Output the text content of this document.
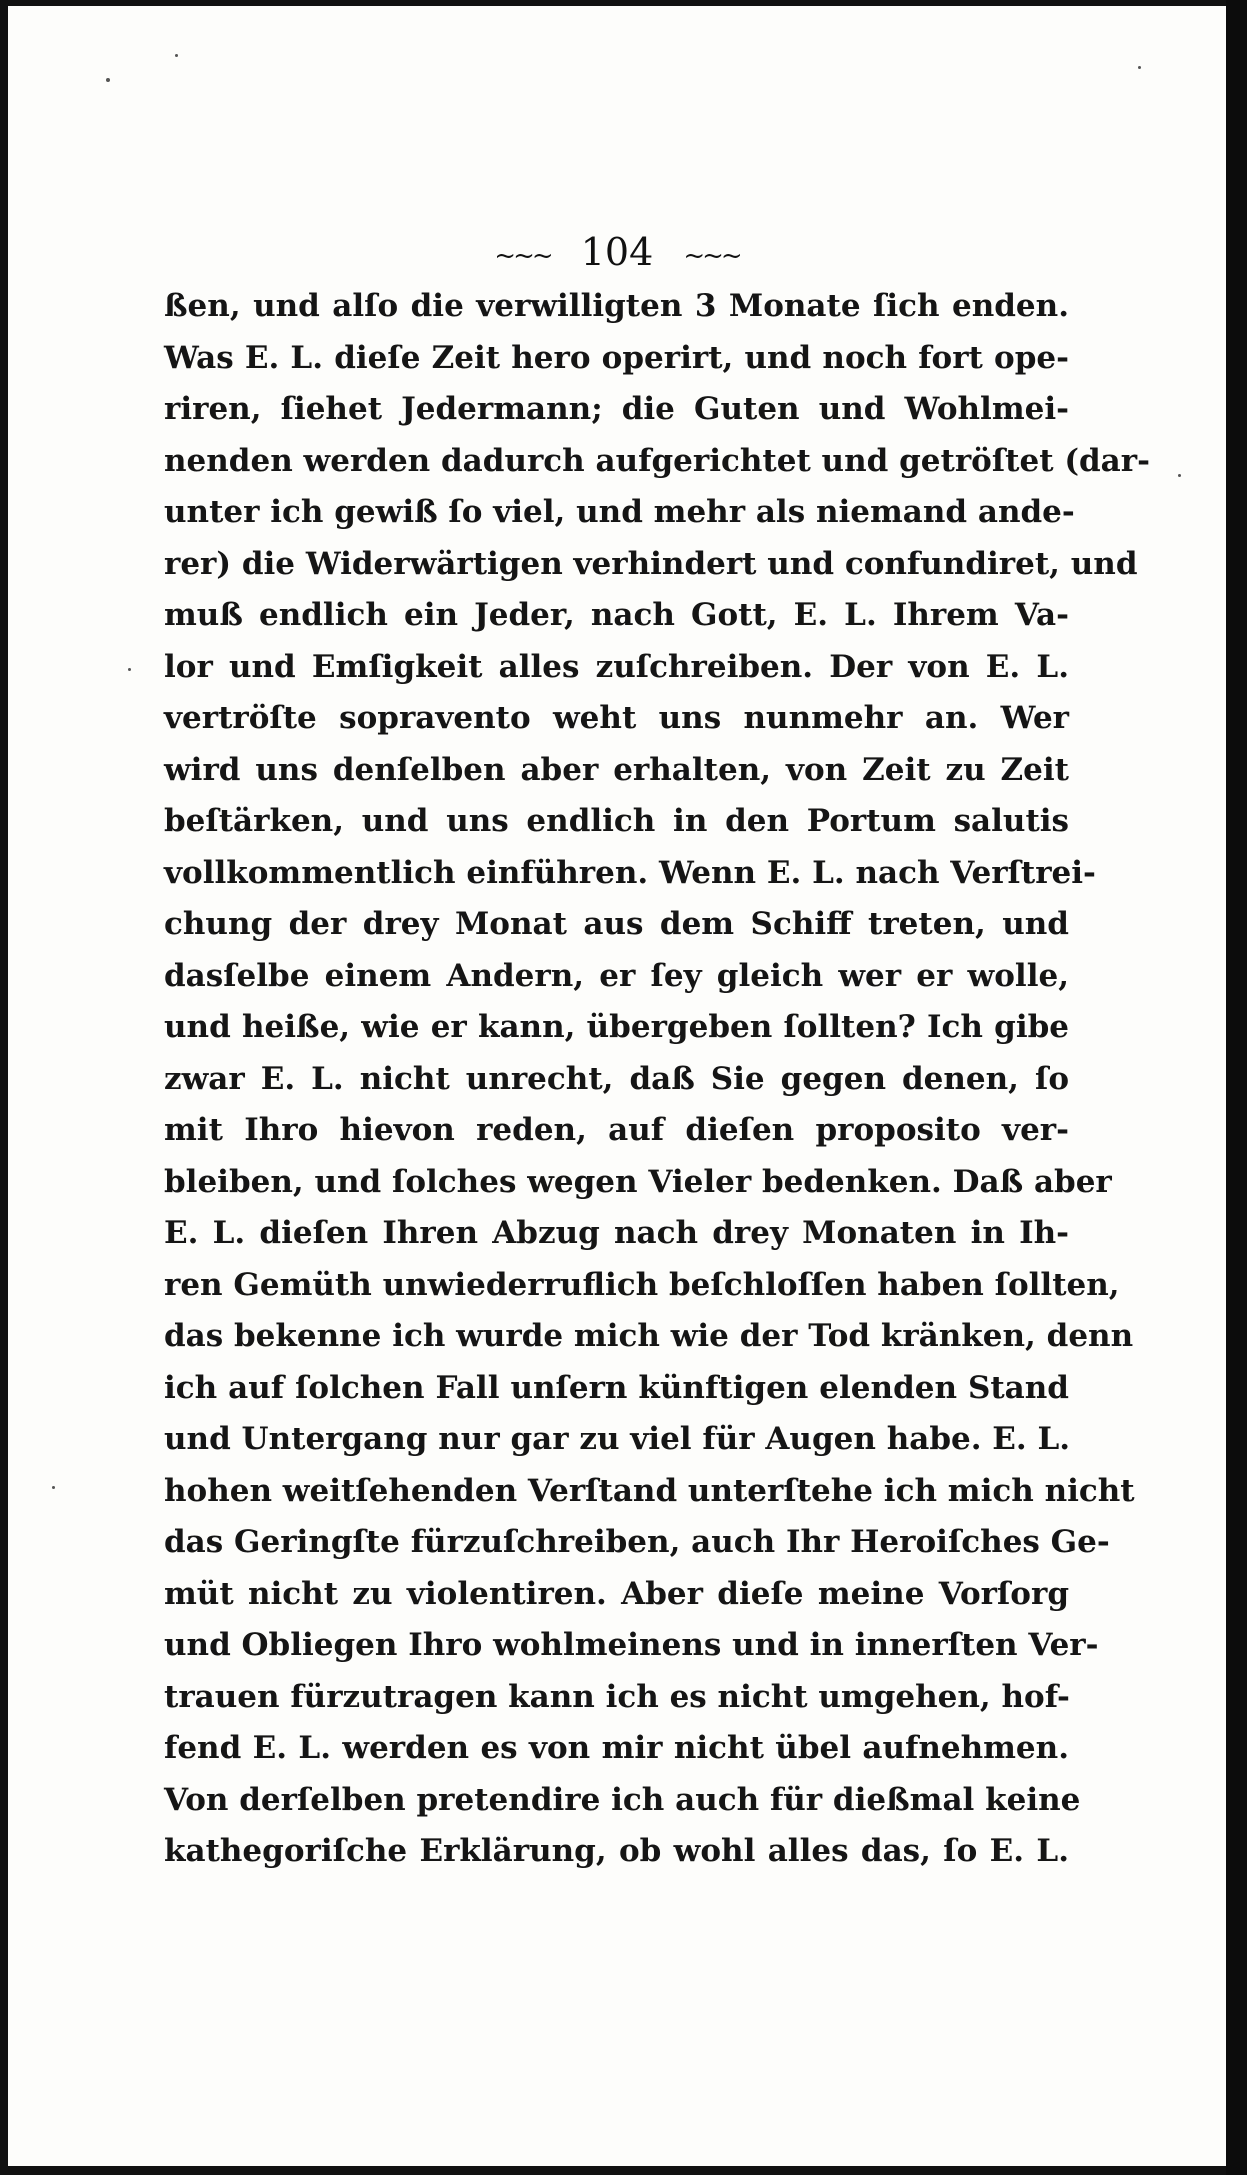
~~~ 104 ~~~
ßen, und alſo die verwilligten 3 Monate ſich enden.
Was E. L. dieſe Zeit hero operirt, und noch fort ope-
riren, ſiehet Jedermann; die Guten und Wohlmei-
nenden werden dadurch aufgerichtet und getröſtet (dar-
unter ich gewiß ſo viel, und mehr als niemand ande-
rer) die Widerwärtigen verhindert und confundiret, und
muß endlich ein Jeder, nach Gott, E. L. Ihrem Va-
lor und Emſigkeit alles zuſchreiben. Der von E. L.
vertröſte sopravento weht uns nunmehr an. Wer
wird uns denſelben aber erhalten, von Zeit zu Zeit
beſtärken, und uns endlich in den Portum salutis
vollkommentlich einführen. Wenn E. L. nach Verſtrei-
chung der drey Monat aus dem Schiff treten, und
dasſelbe einem Andern, er ſey gleich wer er wolle,
und heiße, wie er kann, übergeben ſollten? Ich gibe
zwar E. L. nicht unrecht, daß Sie gegen denen, ſo
mit Ihro hievon reden, auf dieſen proposito ver-
bleiben, und ſolches wegen Vieler bedenken. Daß aber
E. L. dieſen Ihren Abzug nach drey Monaten in Ih-
ren Gemüth unwiederruflich beſchloſſen haben ſollten,
das bekenne ich wurde mich wie der Tod kränken, denn
ich auf ſolchen Fall unſern künftigen elenden Stand
und Untergang nur gar zu viel für Augen habe. E. L.
hohen weitſehenden Verſtand unterſtehe ich mich nicht
das Geringſte fürzuſchreiben, auch Ihr Heroiſches Ge-
müt nicht zu violentiren. Aber dieſe meine Vorſorg
und Obliegen Ihro wohlmeinens und in innerſten Ver-
trauen fürzutragen kann ich es nicht umgehen, hof-
fend E. L. werden es von mir nicht übel aufnehmen.
Von derſelben pretendire ich auch für dießmal keine
kathegoriſche Erklärung, ob wohl alles das, ſo E. L.
